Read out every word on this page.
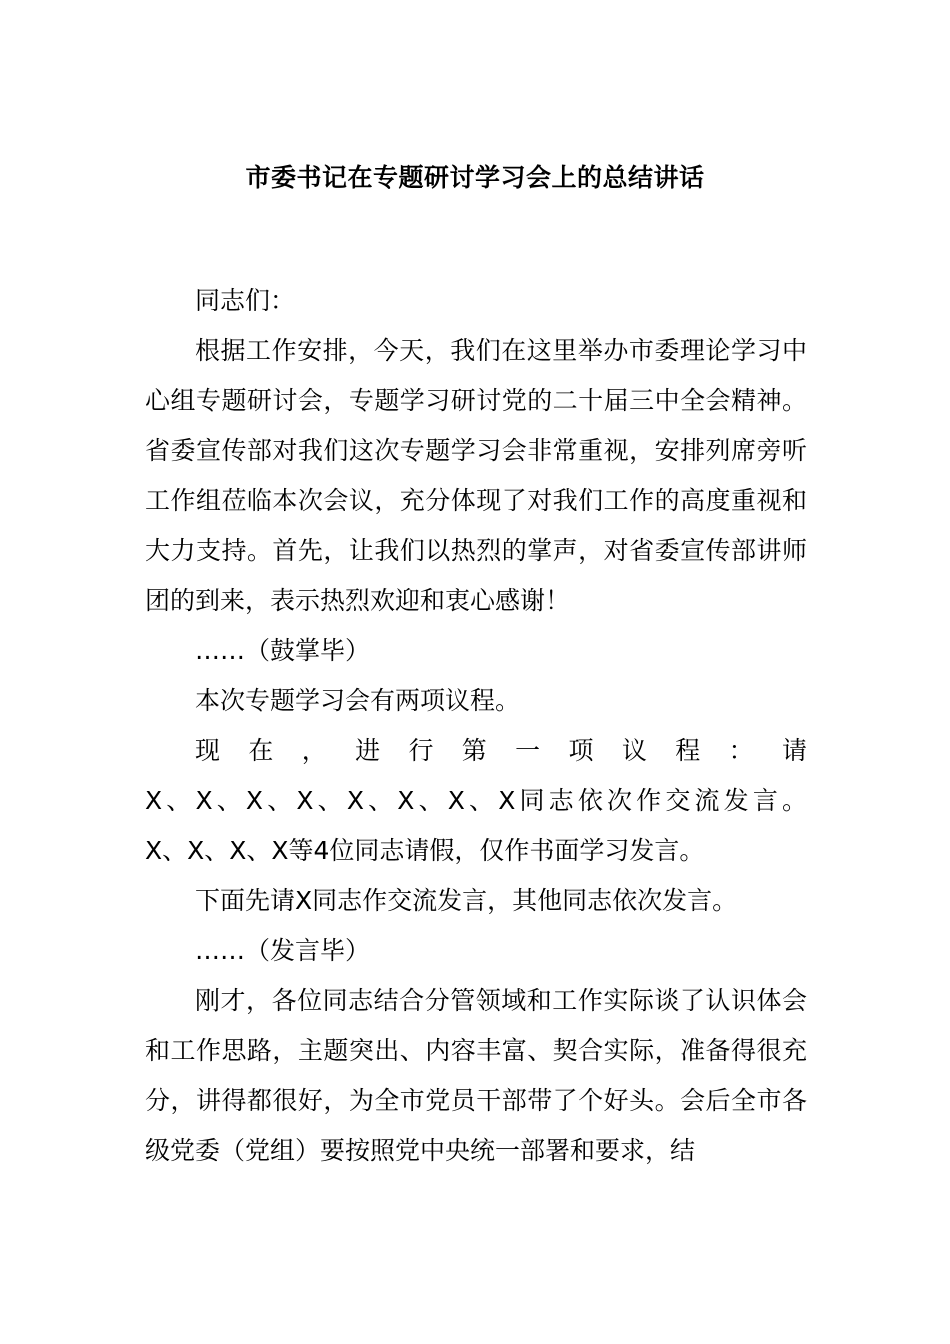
市委书记在专题研讨学习会上的总结讲话

同志们：

根据工作安排，今天，我们在这里举办市委理论学习中心组专题研讨会，专题学习研讨党的二十届三中全会精神。省委宣传部对我们这次专题学习会非常重视，安排列席旁听工作组莅临本次会议，充分体现了对我们工作的高度重视和大力支持。首先，让我们以热烈的掌声，对省委宣传部讲师团的到来，表示热烈欢迎和衷心感谢！

……（鼓掌毕）

本次专题学习会有两项议程。

现在，进行第一项议程：请

X、X、X、X、X、X、X、X同志依次作交流发言。

X、X、X、X等4位同志请假，仅作书面学习发言。

下面先请X同志作交流发言，其他同志依次发言。

……（发言毕）

刚才，各位同志结合分管领域和工作实际谈了认识体会和工作思路，主题突出、内容丰富、契合实际，准备得很充分，讲得都很好，为全市党员干部带了个好头。会后全市各级党委（党组）要按照党中央统一部署和要求，结
